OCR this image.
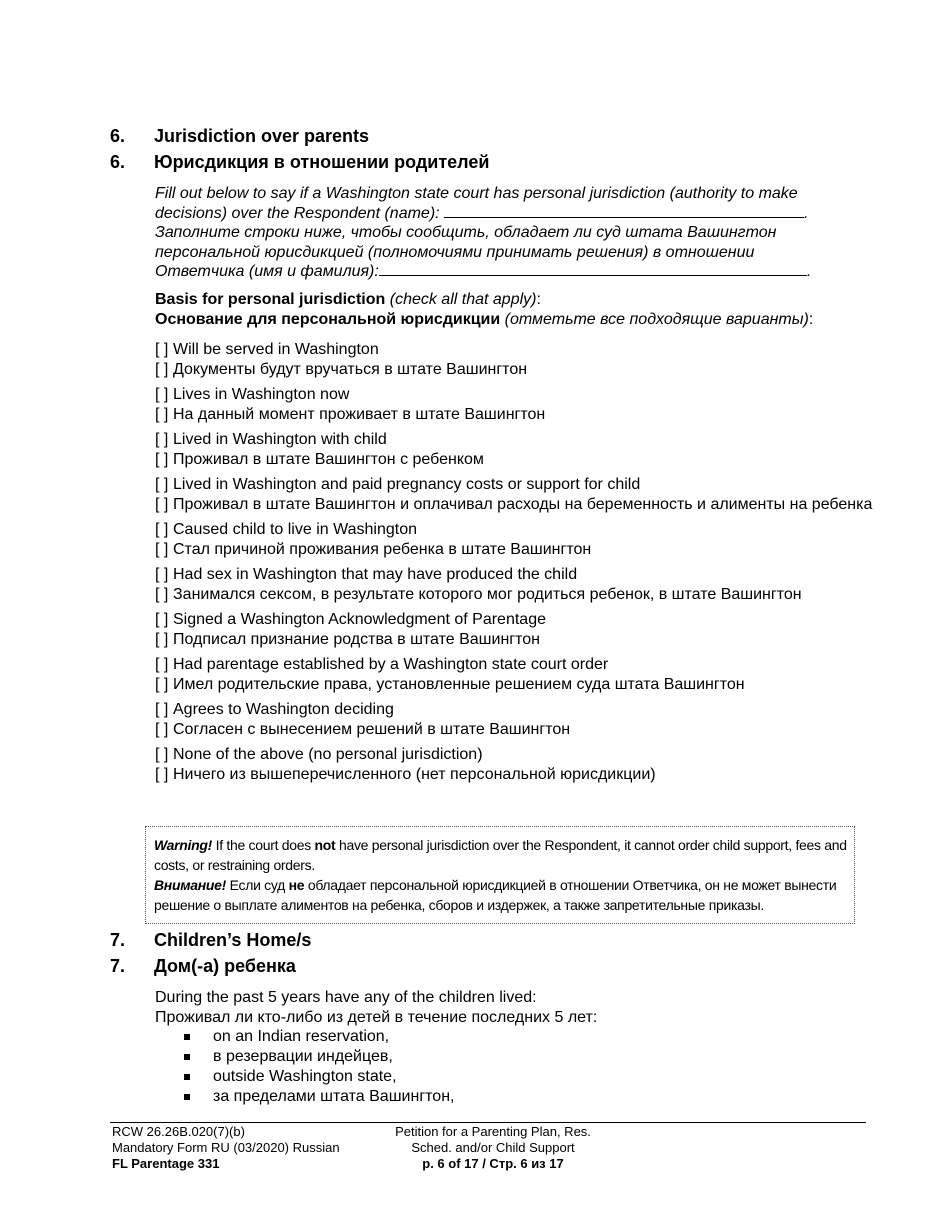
6. Jurisdiction over parents
6. Юрисдикция в отношении родителей
Fill out below to say if a Washington state court has personal jurisdiction (authority to make
decisions) over the Respondent (name):	.
Заполните строки ниже, чтобы сообщить, обладает ли суд штата Вашингтон
персональной юрисдикцией (полномочиями принимать решения) в отношении
Ответчика (имя и фамилия):	.
Basis for personal jurisdiction (check all that apply):
Основание для персональной юрисдикции (отметьте все подходящие варианты):
[ ] Will be served in Washington
[ ] Документы будут вручаться в штате Вашингтон
[ ] Lives in Washington now
[ ] На данный момент проживает в штате Вашингтон
[ ] Lived in Washington with child
[ ] Проживал в штате Вашингтон с ребенком
[ ] Lived in Washington and paid pregnancy costs or support for child
[ ] Проживал в штате Вашингтон и оплачивал расходы на беременность и алименты на ребенка
[ ] Caused child to live in Washington
[ ] Стал причиной проживания ребенка в штате Вашингтон
[ ] Had sex in Washington that may have produced the child
[ ] Занимался сексом, в результате которого мог родиться ребенок, в штате Вашингтон
[ ] Signed a Washington Acknowledgment of Parentage
[ ] Подписал признание родства в штате Вашингтон
[ ] Had parentage established by a Washington state court order
[ ] Имел родительские права, установленные решением суда штата Вашингтон
[ ] Agrees to Washington deciding
[ ] Согласен с вынесением решений в штате Вашингтон
[ ] None of the above (no personal jurisdiction)
[ ] Ничего из вышеперечисленного (нет персональной юрисдикции)
Warning! If the court does not have personal jurisdiction over the Respondent, it cannot order child support, fees and costs, or restraining orders.
Внимание! Если суд не обладает персональной юрисдикцией в отношении Ответчика, он не может вынести решение о выплате алиментов на ребенка, сборов и издержек, а также запретительные приказы.
7. Children’s Home/s
7. Дом(-а) ребенка
During the past 5 years have any of the children lived:
Проживал ли кто-либо из детей в течение последних 5 лет:
on an Indian reservation,
в резервации индейцев,
outside Washington state,
за пределами штата Вашингтон,
RCW 26.26B.020(7)(b)
Mandatory Form RU (03/2020) Russian
FL Parentage 331
Petition for a Parenting Plan, Res.
Sched. and/or Child Support
p. 6 of 17 / Стр. 6 из 17
